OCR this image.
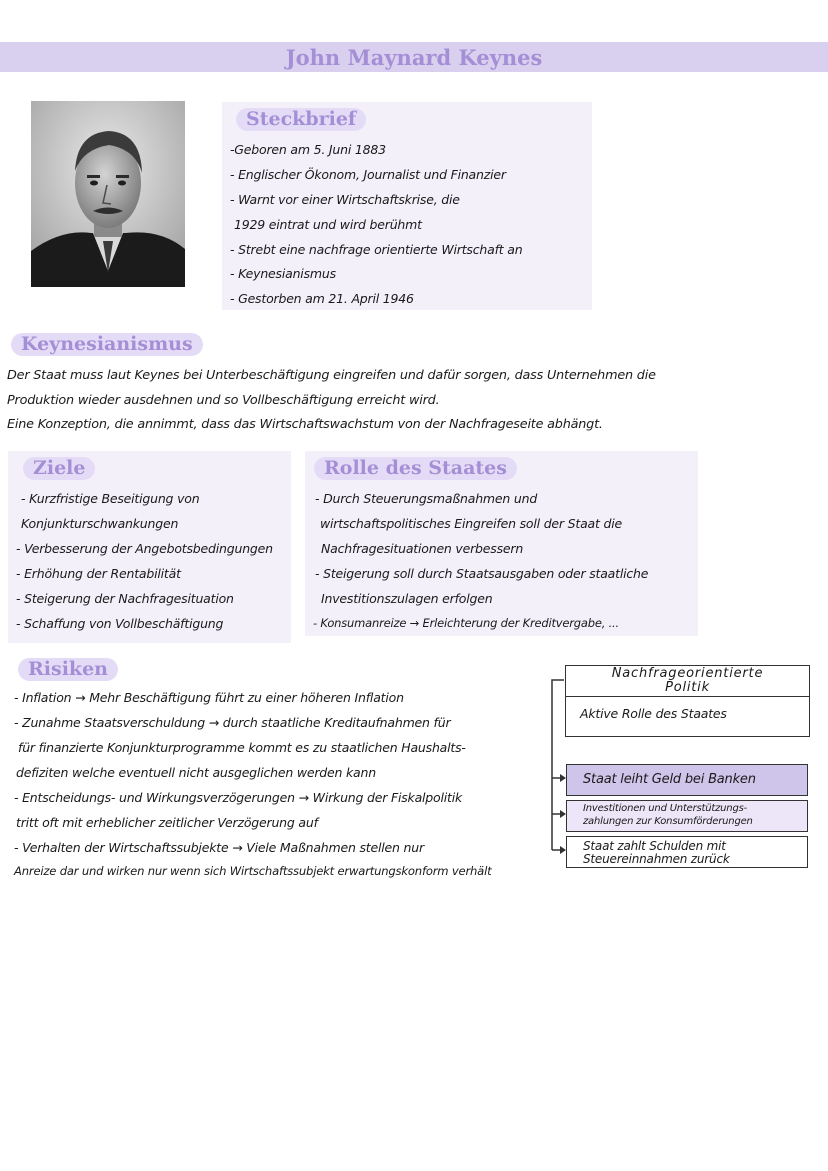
John Maynard Keynes
Steckbrief
-Geboren am 5. Juni 1883
- Englischer Ökonom, Journalist und Finanzier
- Warnt vor einer Wirtschaftskrise, die
1929 eintrat und wird berühmt
- Strebt eine nachfrage orientierte Wirtschaft an
- Keynesianismus
- Gestorben am 21. April 1946
Keynesianismus
Der Staat muss laut Keynes bei Unterbeschäftigung eingreifen und dafür sorgen, dass Unternehmen die
Produktion wieder ausdehnen und so Vollbeschäftigung erreicht wird.
Eine Konzeption, die annimmt, dass das Wirtschaftswachstum von der Nachfrageseite abhängt.
Ziele
- Kurzfristige Beseitigung von
Konjunkturschwankungen
- Verbesserung der Angebotsbedingungen
- Erhöhung der Rentabilität
- Steigerung der Nachfragesituation
- Schaffung von Vollbeschäftigung
Rolle des Staates
- Durch Steuerungsmaßnahmen und
wirtschaftspolitisches Eingreifen soll der Staat die
Nachfragesituationen verbessern
- Steigerung soll durch Staatsausgaben oder staatliche
Investitionszulagen erfolgen
- Konsumanreize → Erleichterung der Kreditvergabe, ...
Risiken
- Inflation → Mehr Beschäftigung führt zu einer höheren Inflation
- Zunahme Staatsverschuldung → durch staatliche Kreditaufnahmen für
für finanzierte Konjunkturprogramme kommt es zu staatlichen Haushalts-
defiziten welche eventuell nicht ausgeglichen werden kann
- Entscheidungs- und Wirkungsverzögerungen → Wirkung der Fiskalpolitik
tritt oft mit erheblicher zeitlicher Verzögerung auf
- Verhalten der Wirtschaftssubjekte → Viele Maßnahmen stellen nur
Anreize dar und wirken nur wenn sich Wirtschaftssubjekt erwartungskonform verhält
Nachfrageorientierte
Politik
Aktive Rolle des Staates
Staat leiht Geld bei Banken
Investitionen und Unterstützungs-
zahlungen zur Konsumförderungen
Staat zahlt Schulden mit
Steuereinnahmen zurück
